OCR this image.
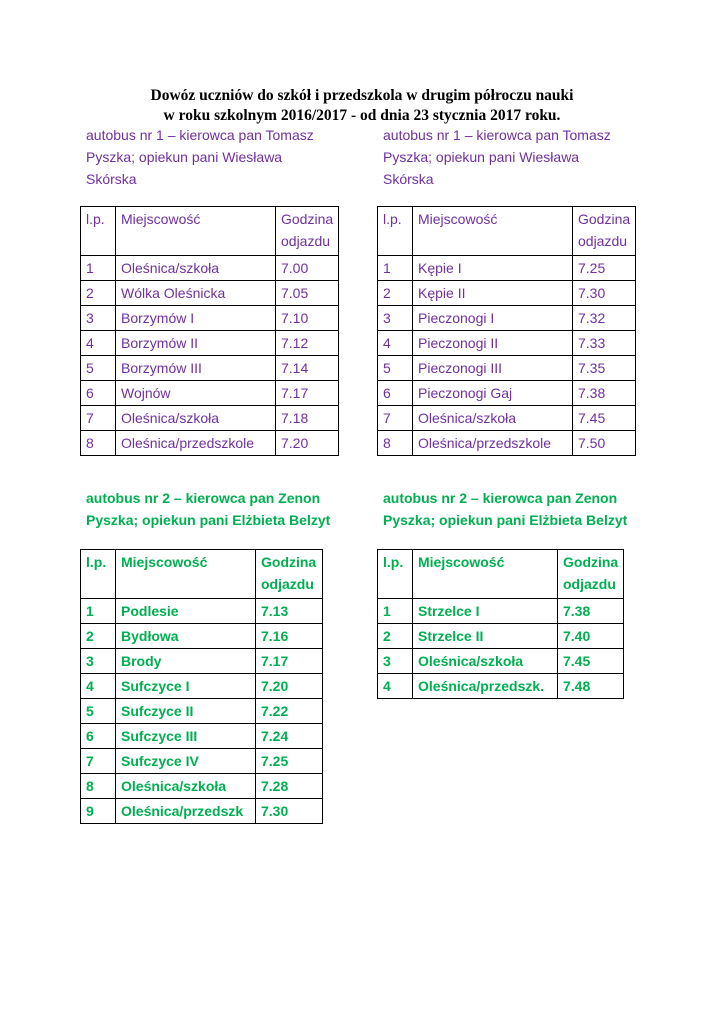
Dowóz uczniów do szkół i przedszkola w drugim półroczu nauki
w roku szkolnym 2016/2017 - od dnia 23 stycznia 2017 roku.
autobus nr 1 – kierowca pan Tomasz
Pyszka; opiekun pani Wiesława
Skórska
autobus nr 1 – kierowca pan Tomasz
Pyszka; opiekun pani Wiesława
Skórska
l.p.	Miejscowość	Godzina
odjazdu
1	Oleśnica/szkoła	7.00
2	Wólka Oleśnicka	7.05
3	Borzymów I	7.10
4	Borzymów II	7.12
5	Borzymów III	7.14
6	Wojnów	7.17
7	Oleśnica/szkoła	7.18
8	Oleśnica/przedszkole	7.20
l.p.	Miejscowość	Godzina
odjazdu
1	Kępie I	7.25
2	Kępie II	7.30
3	Pieczonogi I	7.32
4	Pieczonogi II	7.33
5	Pieczonogi III	7.35
6	Pieczonogi Gaj	7.38
7	Oleśnica/szkoła	7.45
8	Oleśnica/przedszkole	7.50
autobus nr 2 – kierowca pan Zenon
Pyszka; opiekun pani Elżbieta Belzyt
autobus nr 2 – kierowca pan Zenon
Pyszka; opiekun pani Elżbieta Belzyt
l.p.	Miejscowość	Godzina
odjazdu
1	Podlesie	7.13
2	Bydłowa	7.16
3	Brody	7.17
4	Sufczyce I	7.20
5	Sufczyce II	7.22
6	Sufczyce III	7.24
7	Sufczyce IV	7.25
8	Oleśnica/szkoła	7.28
9	Oleśnica/przedszk	7.30
l.p.	Miejscowość	Godzina
odjazdu
1	Strzelce I	7.38
2	Strzelce II	7.40
3	Oleśnica/szkoła	7.45
4	Oleśnica/przedszk.	7.48
